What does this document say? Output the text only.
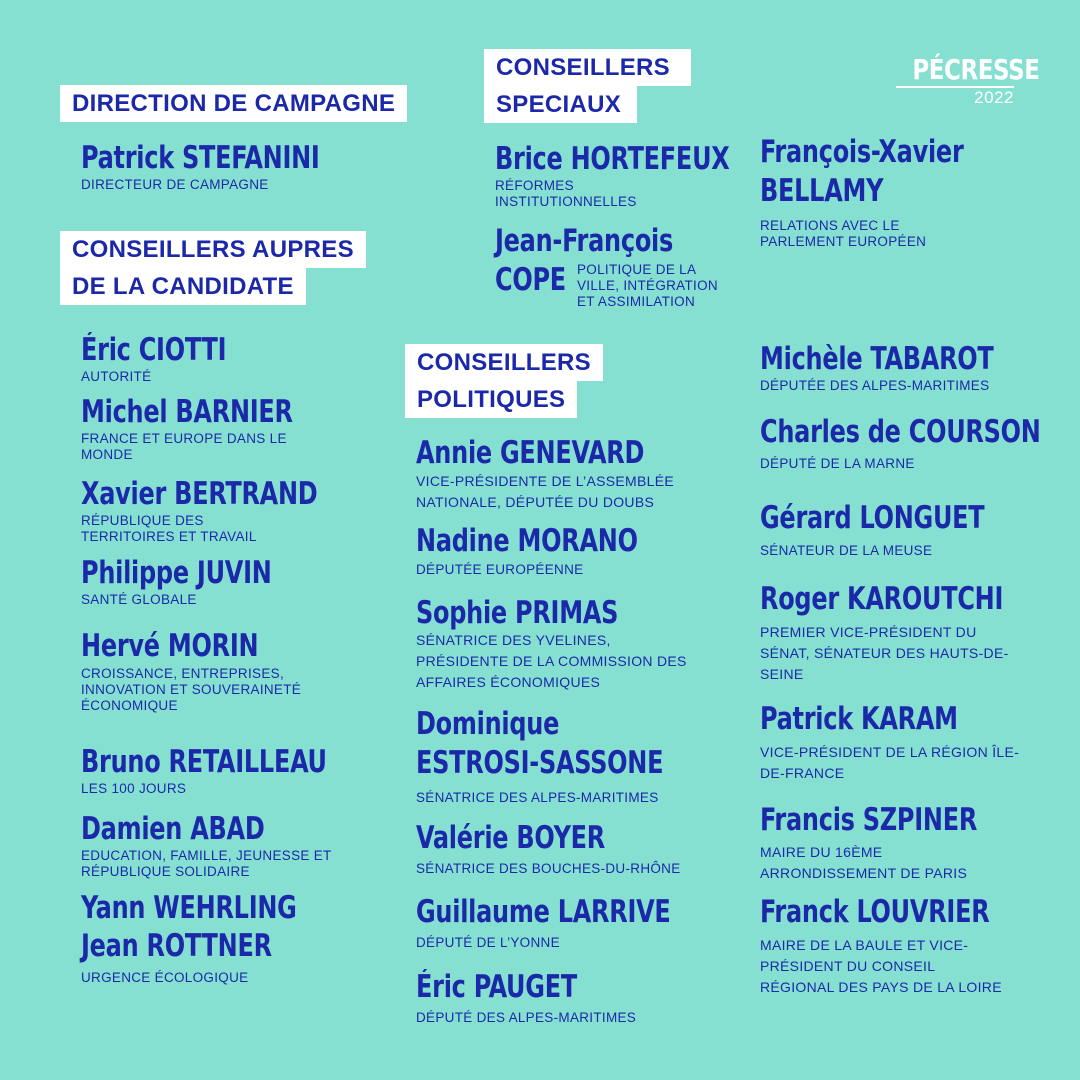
PÉCRESSE
2022
DIRECTION DE CAMPAGNE
Patrick STEFANINI
DIRECTEUR DE CAMPAGNE
CONSEILLERS AUPRES
DE LA CANDIDATE
Éric CIOTTI
AUTORITÉ
Michel BARNIER
FRANCE ET EUROPE DANS LE MONDE
Xavier BERTRAND
RÉPUBLIQUE DES TERRITOIRES ET TRAVAIL
Philippe JUVIN
SANTÉ GLOBALE
Hervé MORIN
CROISSANCE, ENTREPRISES, INNOVATION ET SOUVERAINETÉ ÉCONOMIQUE
Bruno RETAILLEAU
LES 100 JOURS
Damien ABAD
EDUCATION, FAMILLE, JEUNESSE ET RÉPUBLIQUE SOLIDAIRE
Yann WEHRLING
Jean ROTTNER
URGENCE ÉCOLOGIQUE
CONSEILLERS
SPECIAUX
Brice HORTEFEUX
RÉFORMES INSTITUTIONNELLES
Jean-François
COPE POLITIQUE DE LA VILLE, INTÉGRATION ET ASSIMILATION
François-Xavier
BELLAMY
RELATIONS AVEC LE PARLEMENT EUROPÉEN
CONSEILLERS
POLITIQUES
Annie GENEVARD
VICE-PRÉSIDENTE DE L’ASSEMBLÉE NATIONALE, DÉPUTÉE DU DOUBS
Nadine MORANO
DÉPUTÉE EUROPÉENNE
Sophie PRIMAS
SÉNATRICE DES YVELINES, PRÉSIDENTE DE LA COMMISSION DES AFFAIRES ÉCONOMIQUES
Dominique
ESTROSI-SASSONE
SÉNATRICE DES ALPES-MARITIMES
Valérie BOYER
SÉNATRICE DES BOUCHES-DU-RHÔNE
Guillaume LARRIVE
DÉPUTÉ DE L’YONNE
Éric PAUGET
DÉPUTÉ DES ALPES-MARITIMES
Michèle TABAROT
DÉPUTÉE DES ALPES-MARITIMES
Charles de COURSON
DÉPUTÉ DE LA MARNE
Gérard LONGUET
SÉNATEUR DE LA MEUSE
Roger KAROUTCHI
PREMIER VICE-PRÉSIDENT DU SÉNAT, SÉNATEUR DES HAUTS-DE-SEINE
Patrick KARAM
VICE-PRÉSIDENT DE LA RÉGION ÎLE-DE-FRANCE
Francis SZPINER
MAIRE DU 16ÈME ARRONDISSEMENT DE PARIS
Franck LOUVRIER
MAIRE DE LA BAULE ET VICE-PRÉSIDENT DU CONSEIL RÉGIONAL DES PAYS DE LA LOIRE
